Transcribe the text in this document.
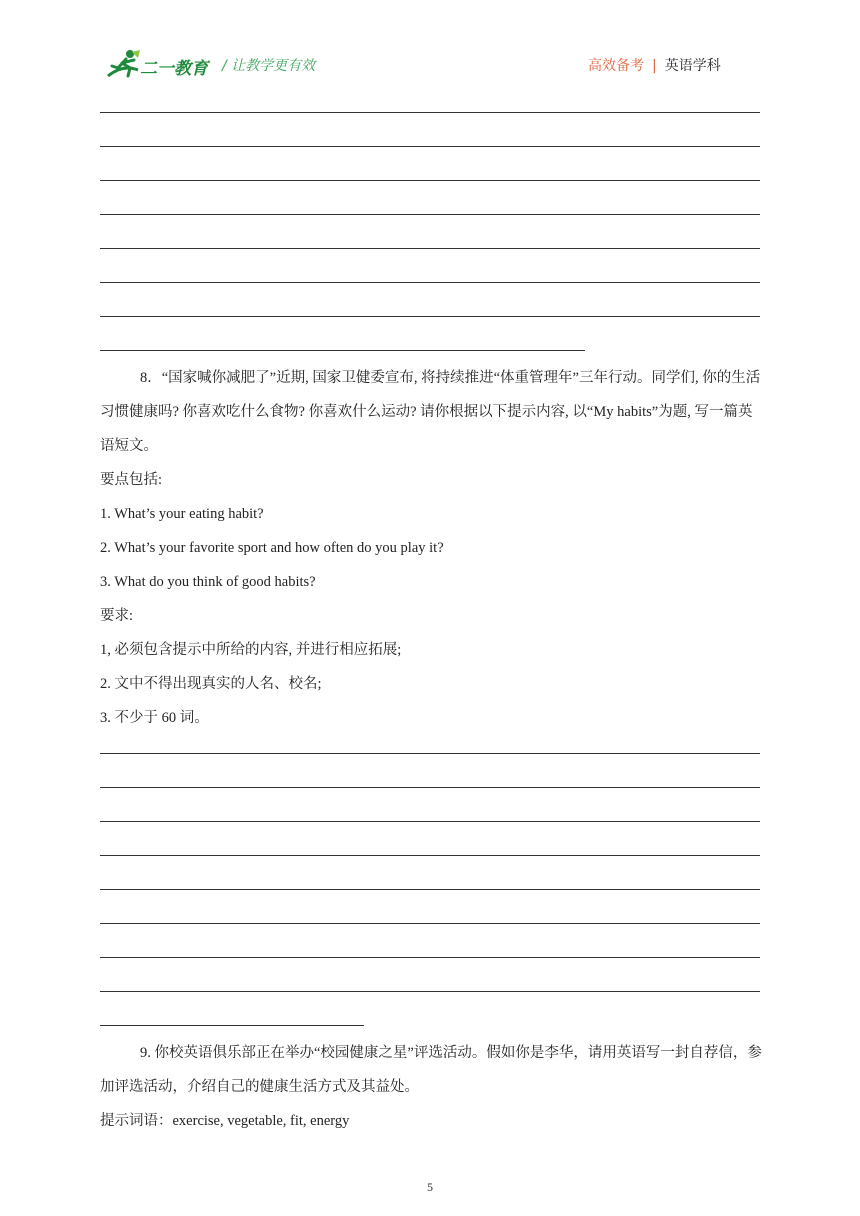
二一教育 / 让教学更有效	高效备考 | 英语学科
8．“国家喊你减肥了”近期, 国家卫健委宣布, 将持续推进“体重管理年”三年行动。同学们, 你的生活习惯健康吗? 你喜欢吃什么食物? 你喜欢什么运动? 请你根据以下提示内容, 以“My habits”为题, 写一篇英语短文。
要点包括:
1. What’s your eating habit?
2. What’s your favorite sport and how often do you play it?
3. What do you think of good habits?
要求:
1, 必须包含提示中所给的内容, 并进行相应拓展;
2. 文中不得出现真实的人名、校名;
3. 不少于 60 词。
9. 你校英语俱乐部正在举办“校园健康之星”评选活动。假如你是李华，请用英语写一封自荐信，参加评选活动，介绍自己的健康生活方式及其益处。
提示词语：exercise, vegetable, fit, energy
5
